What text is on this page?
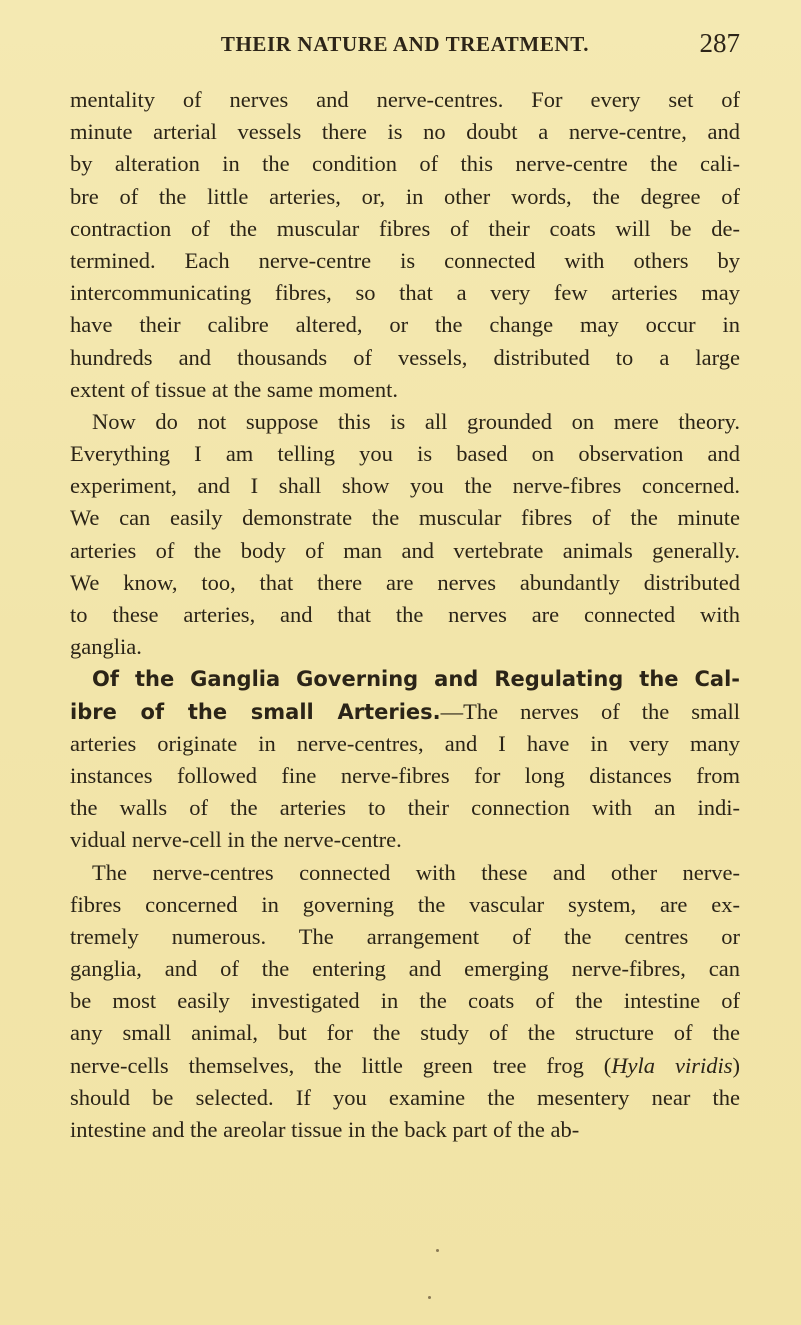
THEIR NATURE AND TREATMENT.	287
mentality of nerves and nerve-centres. For every set of
minute arterial vessels there is no doubt a nerve-centre, and
by alteration in the condition of this nerve-centre the cali-
bre of the little arteries, or, in other words, the degree of
contraction of the muscular fibres of their coats will be de-
termined. Each nerve-centre is connected with others by
intercommunicating fibres, so that a very few arteries may
have their calibre altered, or the change may occur in
hundreds and thousands of vessels, distributed to a large
extent of tissue at the same moment.
Now do not suppose this is all grounded on mere theory.
Everything I am telling you is based on observation and
experiment, and I shall show you the nerve-fibres concerned.
We can easily demonstrate the muscular fibres of the minute
arteries of the body of man and vertebrate animals generally.
We know, too, that there are nerves abundantly distributed
to these arteries, and that the nerves are connected with
ganglia.
Of the Ganglia Governing and Regulating the Cal-
ibre of the small Arteries.—The nerves of the small
arteries originate in nerve-centres, and I have in very many
instances followed fine nerve-fibres for long distances from
the walls of the arteries to their connection with an indi-
vidual nerve-cell in the nerve-centre.
The nerve-centres connected with these and other nerve-
fibres concerned in governing the vascular system, are ex-
tremely numerous. The arrangement of the centres or
ganglia, and of the entering and emerging nerve-fibres, can
be most easily investigated in the coats of the intestine of
any small animal, but for the study of the structure of the
nerve-cells themselves, the little green tree frog (Hyla viridis)
should be selected. If you examine the mesentery near the
intestine and the areolar tissue in the back part of the ab-
